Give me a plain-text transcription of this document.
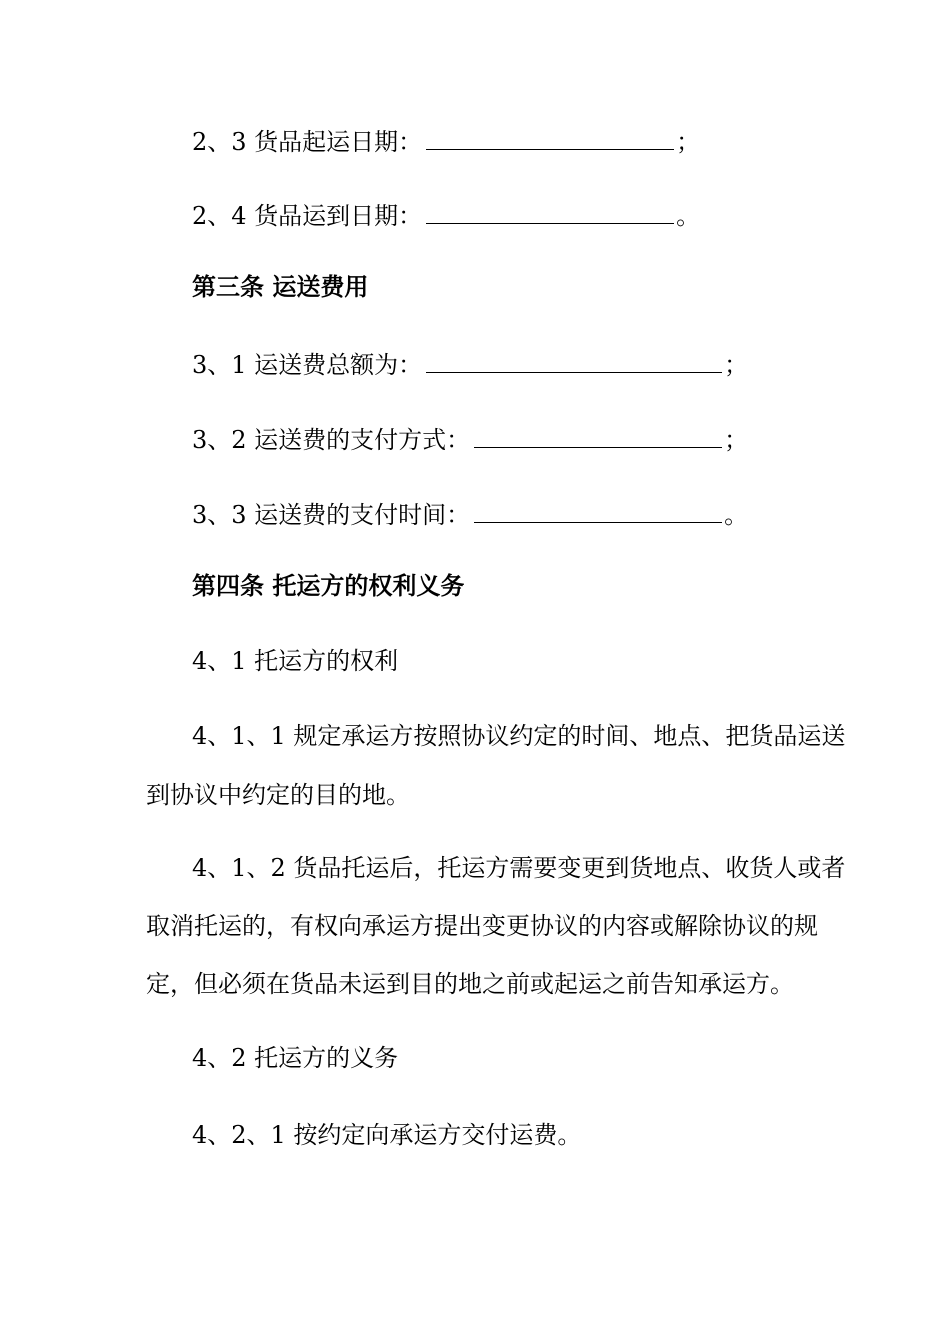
2、3 货品起运日期：	；
2、4 货品运到日期：	。
第三条 运送费用
3、1 运送费总额为：	；
3、2 运送费的支付方式：	；
3、3 运送费的支付时间：	。
第四条 托运方的权利义务
4、1 托运方的权利
4、1、1 规定承运方按照协议约定的时间、地点、把货品运送
到协议中约定的目的地。
4、1、2 货品托运后，托运方需要变更到货地点、收货人或者
取消托运的，有权向承运方提出变更协议的内容或解除协议的规
定，但必须在货品未运到目的地之前或起运之前告知承运方。
4、2 托运方的义务
4、2、1 按约定向承运方交付运费。
